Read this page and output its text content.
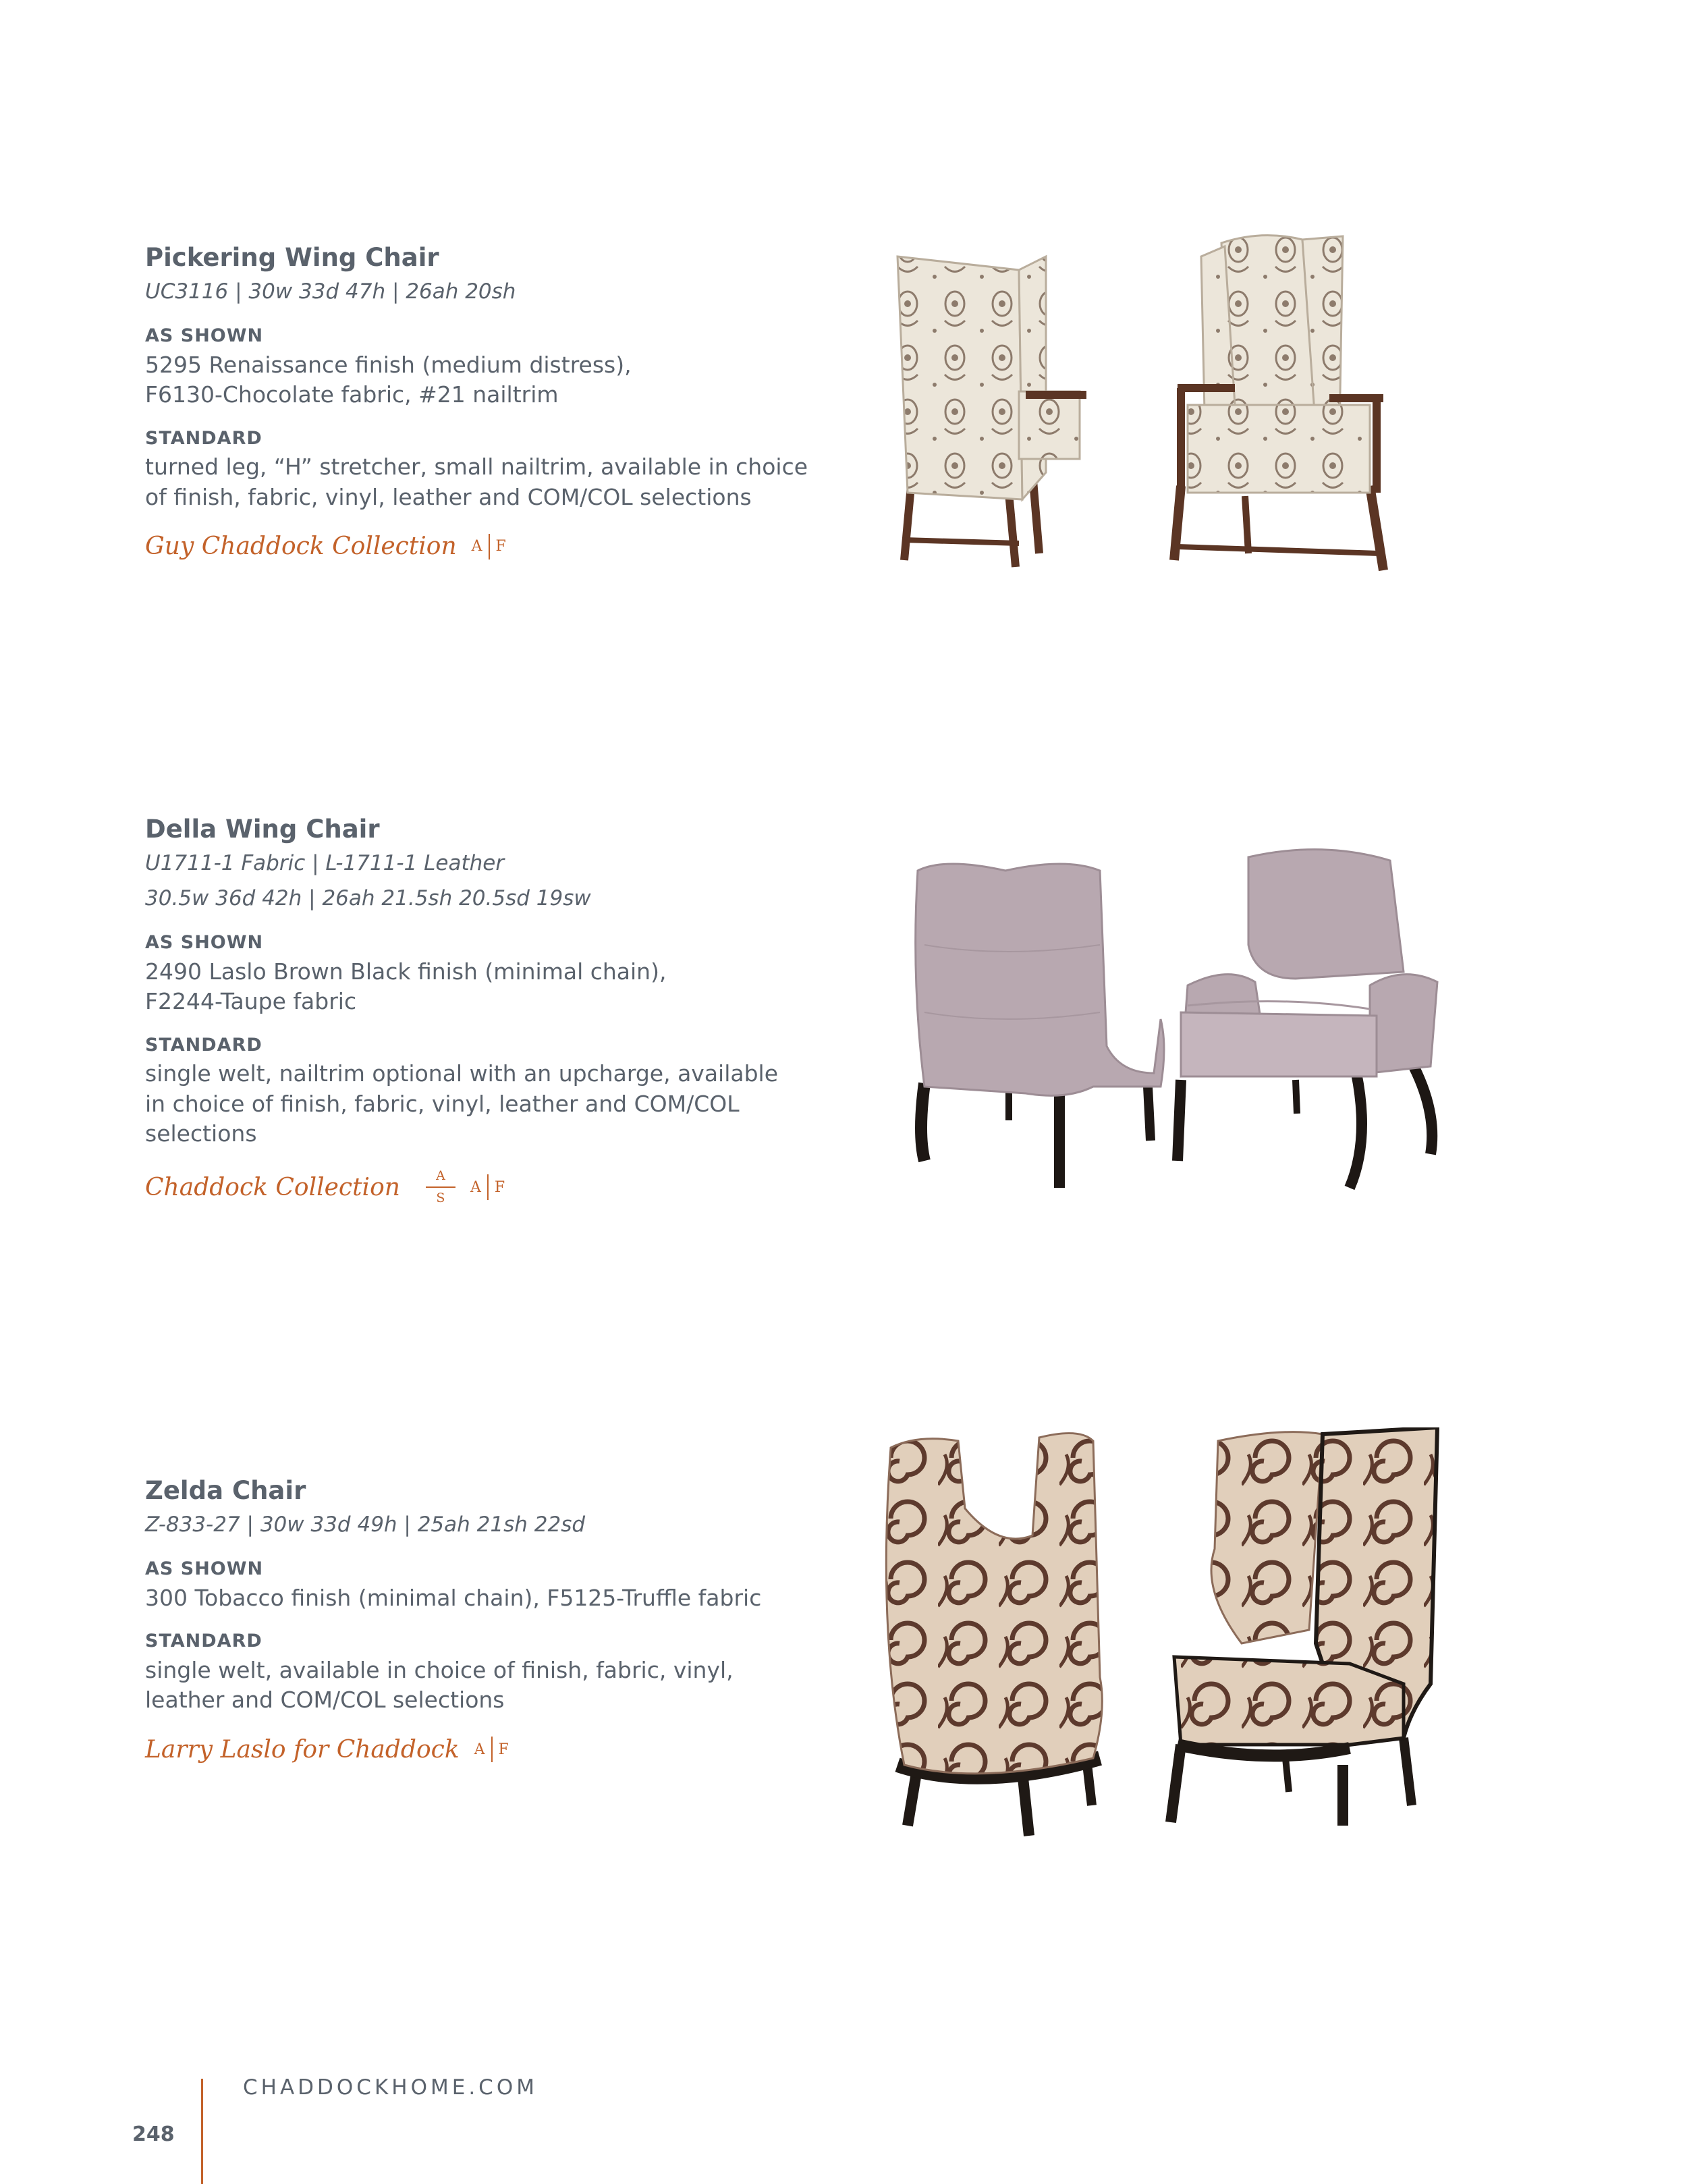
Pickering Wing Chair
UC3116 | 30w 33d 47h | 26ah 20sh
AS SHOWN
5295 Renaissance finish (medium distress),
F6130-Chocolate fabric, #21 nailtrim
STANDARD
turned leg, “H” stretcher, small nailtrim, available in choice
of finish, fabric, vinyl, leather and COM/COL selections
Guy Chaddock Collection A F
Della Wing Chair
U1711-1 Fabric | L-1711-1 Leather
30.5w 36d 42h | 26ah 21.5sh 20.5sd 19sw
AS SHOWN
2490 Laslo Brown Black finish (minimal chain),
F2244-Taupe fabric
STANDARD
single welt, nailtrim optional with an upcharge, available
in choice of finish, fabric, vinyl, leather and COM/COL
selections
Chaddock Collection	A
S
A F
Zelda Chair
Z-833-27 | 30w 33d 49h | 25ah 21sh 22sd
AS SHOWN
300 Tobacco finish (minimal chain), F5125-Truffle fabric
STANDARD
single welt, available in choice of finish, fabric, vinyl,
leather and COM/COL selections
Larry Laslo for Chaddock A F
CHADDOCKHOME.COM
248
